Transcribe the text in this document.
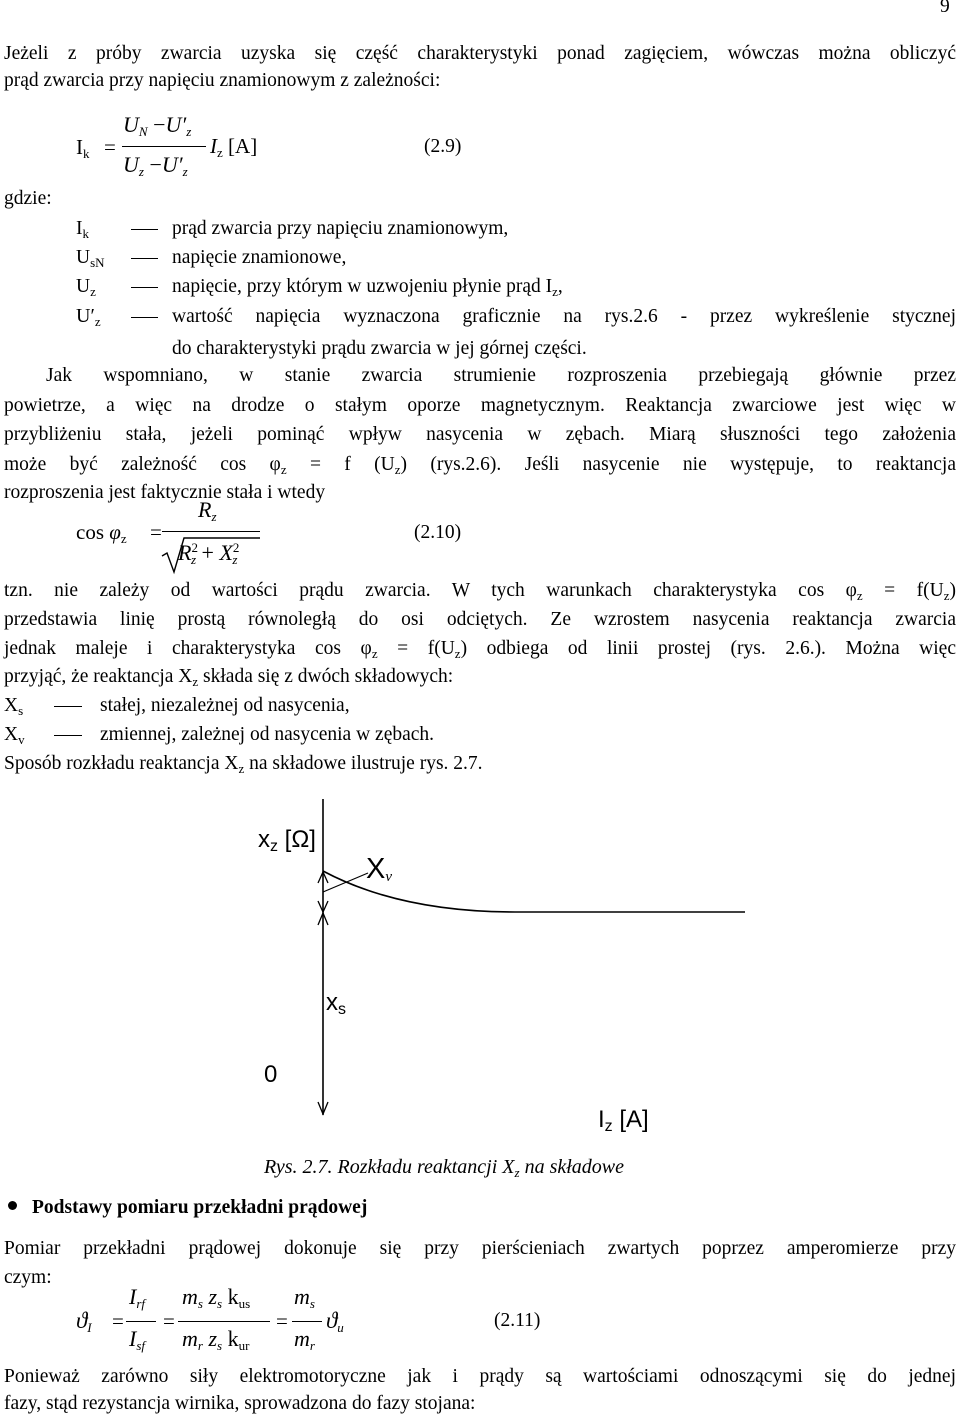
9
Jeżeli z próby zwarcia uzyska się część charakterystyki ponad zagięciem, wówczas można obliczyć
prąd zwarcia przy napięciu znamionowym z zależności:
$I_k$ =
$U_N -U'_z$
$U_z -U'_z$
$I_z$ [A]	(2.9)
gdzie:
$I_k$	prąd zwarcia przy napięciu znamionowym,
$U_{sN}$	napięcie znamionowe,
$U_z$	napięcie, przy którym w uzwojeniu płynie prąd $I_z$,
$U'_z$	wartość napięcia wyznaczona graficznie na rys.2.6 - przez wykreślenie stycznej
do charakterystyki prądu zwarcia w jej górnej części.
Jak wspomniano, w stanie zwarcia strumienie rozproszenia przebiegają głównie przez
powietrze, a więc na drodze o stałym oporze magnetycznym. Reaktancja zwarciowe jest więc w
przybliżeniu stała, jeżeli pominąć wpływ nasycenia w zębach. Miarą słuszności tego założenia
może być zależność $\cos \varphi_z = f$ $(U_z)$ (rys.2.6). Jeśli nasycenie nie występuje, to reaktancja
rozproszenia jest faktycznie stała i wtedy
$\cos \varphi_z$ =
$R_z$
$R^2_z + X^2_z$
(2.10)
tzn. nie zależy od wartości prądu zwarcia. W tych warunkach charakterystyka $\cos \varphi_z = f(U_z)$
przedstawia linię prostą równoległą do osi odciętych. Ze wzrostem nasycenia reaktancja zwarcia
jednak maleje i charakterystyka $\cos \varphi_z = f(U_z)$ odbiega od linii prostej (rys. 2.6.). Można więc
przyjąć, że reaktancja $X_z$ składa się z dwóch składowych:
$X_s$	stałej, niezależnej od nasycenia,
$X_v$	zmiennej, zależnej od nasycenia w zębach.
Sposób rozkładu reaktancja $X_z$ na składowe ilustruje rys. 2.7.
$x_z$ [Ω]
$X_v$
$x_s$
0
$I_z$ [A]
Rys. 2.7. Rozkładu reaktancji $X_z$ na składowe
Podstawy pomiaru przekładni prądowej
Pomiar przekładni prądowej dokonuje się przy pierścieniach zwartych poprzez amperomierze przy
czym:
$ϑ_I$ =
$I_{rf}$
$I_{sf}$
=
$m_s$ $z_s$ $k_{us}$
$m_r$ $z_s$ $k_{ur}$
=
$m_s$
$m_r$
$ϑ_u$	(2.11)
Ponieważ zarówno siły elektromotoryczne jak i prądy są wartościami odnoszącymi się do jednej
fazy, stąd rezystancja wirnika, sprowadzona do fazy stojana:
